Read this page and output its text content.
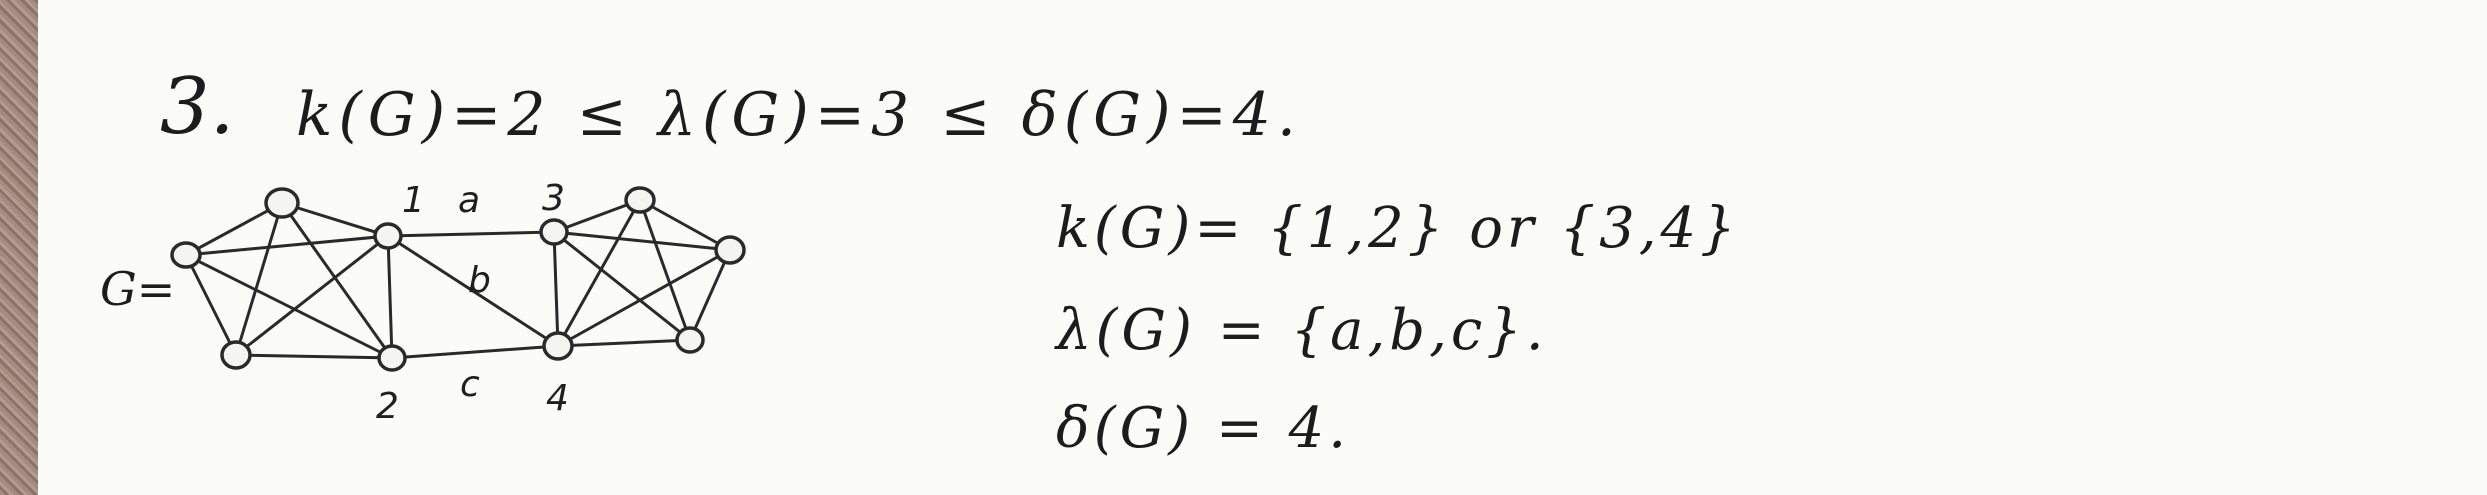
3. k(G)=2 ≤ λ(G)=3 ≤ δ(G)=4.
G=
k(G)= {1,2} or {3,4}
λ(G) = {a,b,c}.
δ(G) = 4.
1
2
3
4
a
b
c
